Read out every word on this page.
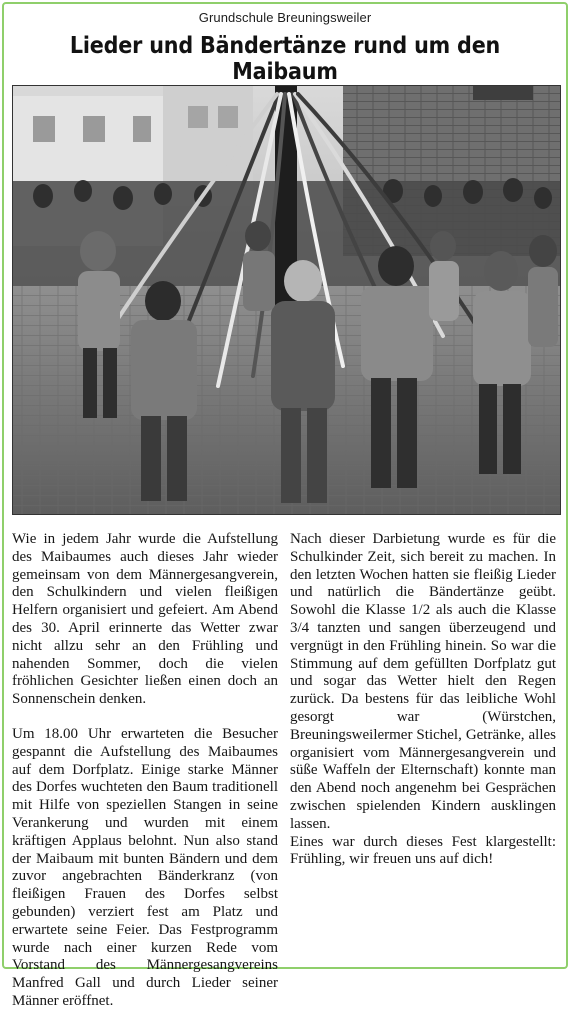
Grundschule Breuningsweiler
Lieder und Bändertänze rund um den Maibaum

Wie in jedem Jahr wurde die Aufstellung des Maibaumes auch dieses Jahr wieder gemeinsam von dem Männergesangverein, den Schulkindern und vielen fleißigen Helfern organisiert und gefeiert. Am Abend des 30. April erinnerte das Wetter zwar nicht allzu sehr an den Frühling und nahenden Sommer, doch die vielen fröhlichen Gesichter ließen einen doch an Sonnenschein denken.

Um 18.00 Uhr erwarteten die Besucher gespannt die Aufstellung des Maibaumes auf dem Dorfplatz. Einige starke Männer des Dorfes wuchteten den Baum traditionell mit Hilfe von speziellen Stangen in seine Verankerung und wurden mit einem kräftigen Applaus belohnt. Nun also stand der Maibaum mit bunten Bändern und dem zuvor angebrachten Bänderkranz (von fleißigen Frauen des Dorfes selbst gebunden) verziert fest am Platz und erwartete seine Feier. Das Festprogramm wurde nach einer kurzen Rede vom Vorstand des Männergesangvereins Manfred Gall und durch Lieder seiner Männer eröffnet.

Nach dieser Darbietung wurde es für die Schulkinder Zeit, sich bereit zu machen. In den letzten Wochen hatten sie fleißig Lieder und natürlich die Bändertänze geübt. Sowohl die Klasse 1/2 als auch die Klasse 3/4 tanzten und sangen überzeugend und vergnügt in den Frühling hinein. So war die Stimmung auf dem gefüllten Dorfplatz gut und sogar das Wetter hielt den Regen zurück. Da bestens für das leibliche Wohl gesorgt war (Würstchen, Breuningsweilermer Stichel, Getränke, alles organisiert vom Männergesangverein und süße Waffeln der Elternschaft) konnte man den Abend noch angenehm bei Gesprächen zwischen spielenden Kindern ausklingen lassen.

Eines war durch dieses Fest klargestellt: Frühling, wir freuen uns auf dich!
